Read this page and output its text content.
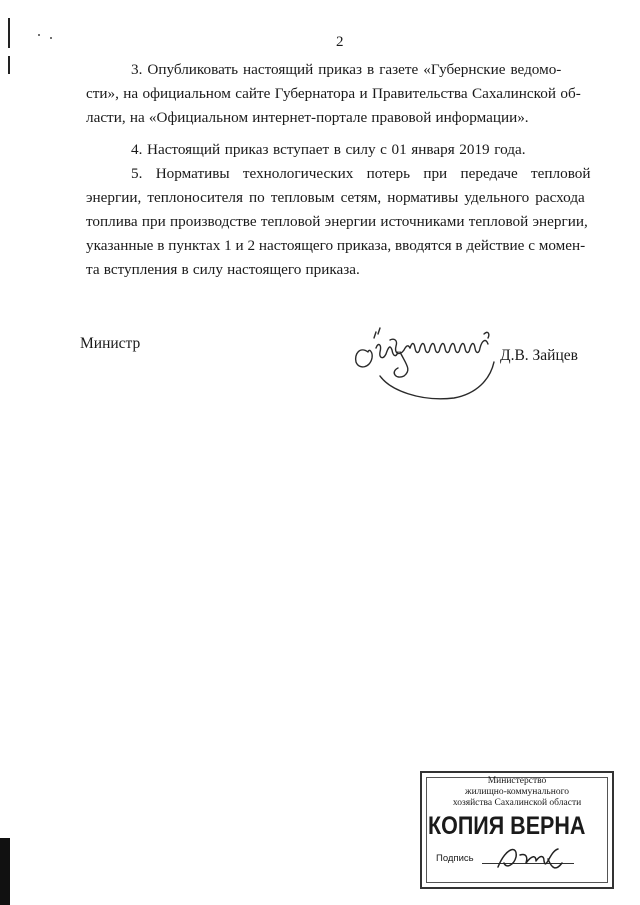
2
3. Опубликовать настоящий приказ в газете «Губернские ведомо-
сти», на официальном сайте Губернатора и Правительства Сахалинской об-
ласти, на «Официальном интернет-портале правовой информации».
4. Настоящий приказ вступает в силу с 01 января 2019 года.
5. Нормативы технологических потерь при передаче тепловой
энергии, теплоносителя по тепловым сетям, нормативы удельного расхода
топлива при производстве тепловой энергии источниками тепловой энергии,
указанные в пунктах 1 и 2 настоящего приказа, вводятся в действие с момен-
та вступления в силу настоящего приказа.
Министр
Д.В. Зайцев
Министерство
жилищно-коммунального
хозяйства Сахалинской области
КОПИЯ ВЕРНА
Подпись
